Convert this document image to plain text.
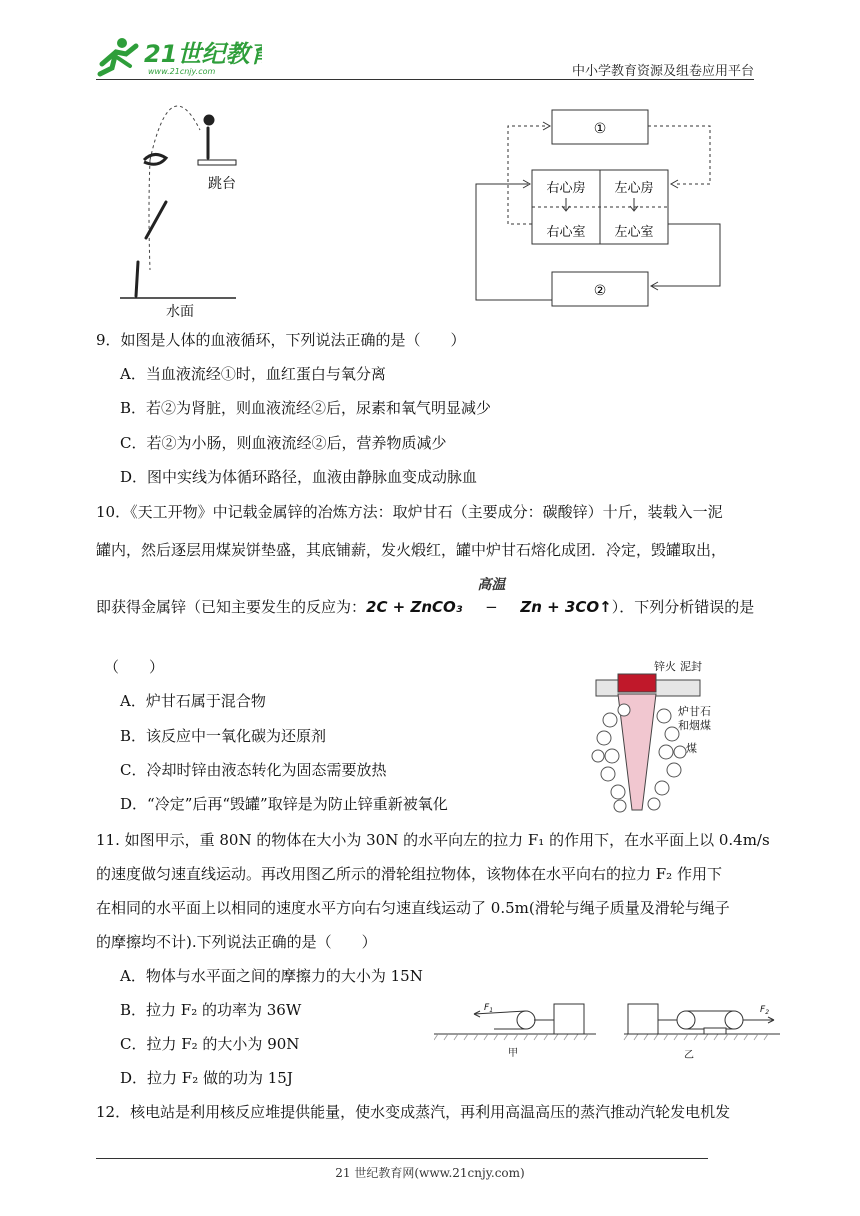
21世纪教育
www.21cnjy.com	中小学教育资源及组卷应用平台
跳台
水面
①
右心房
右心室
左心房
左心室
②
9．如图是人体的血液循环，下列说法正确的是（　　）
A．当血液流经①时，血红蛋白与氧分离
B．若②为肾脏，则血液流经②后，尿素和氧气明显减少
C．若②为小肠，则血液流经②后，营养物质减少
D．图中实线为体循环路径，血液由静脉血变成动脉血
10．《天工开物》中记载金属锌的冶炼方法：取炉甘石（主要成分：碳酸锌）十斤，装载入一泥
罐内，然后逐层用煤炭饼垫盛，其底铺薪，发火煅红，罐中炉甘石熔化成团．冷定，毁罐取出，
即获得金属锌（已知主要发生的反应为：2C + ZnCO₃
高温
− Zn + 3CO↑）．下列分析错误的是
（　　）
A．炉甘石属于混合物
B．该反应中一氧化碳为还原剂
C．冷却时锌由液态转化为固态需要放热
D．“冷定”后再“毁罐”取锌是为防止锌重新被氧化
锌火 泥封
炉甘石
和烟煤
煤
11. 如图甲示，重 80N 的物体在大小为 30N 的水平向左的拉力 F₁ 的作用下，在水平面上以 0.4m/s
的速度做匀速直线运动。再改用图乙所示的滑轮组拉物体，该物体在水平向右的拉力 F₂ 作用下
在相同的水平面上以相同的速度水平方向右匀速直线运动了 0.5m(滑轮与绳子质量及滑轮与绳子
的摩擦均不计).下列说法正确的是（　　）
A．物体与水平面之间的摩擦力的大小为 15N
B．拉力 F₂ 的功率为 36W
C．拉力 F₂ 的大小为 90N
D．拉力 F₂ 做的功为 15J
$F_1$
甲
$F_2$
乙
12．核电站是利用核反应堆提供能量，使水变成蒸汽，再利用高温高压的蒸汽推动汽轮发电机发
21 世纪教育网(www.21cnjy.com)
